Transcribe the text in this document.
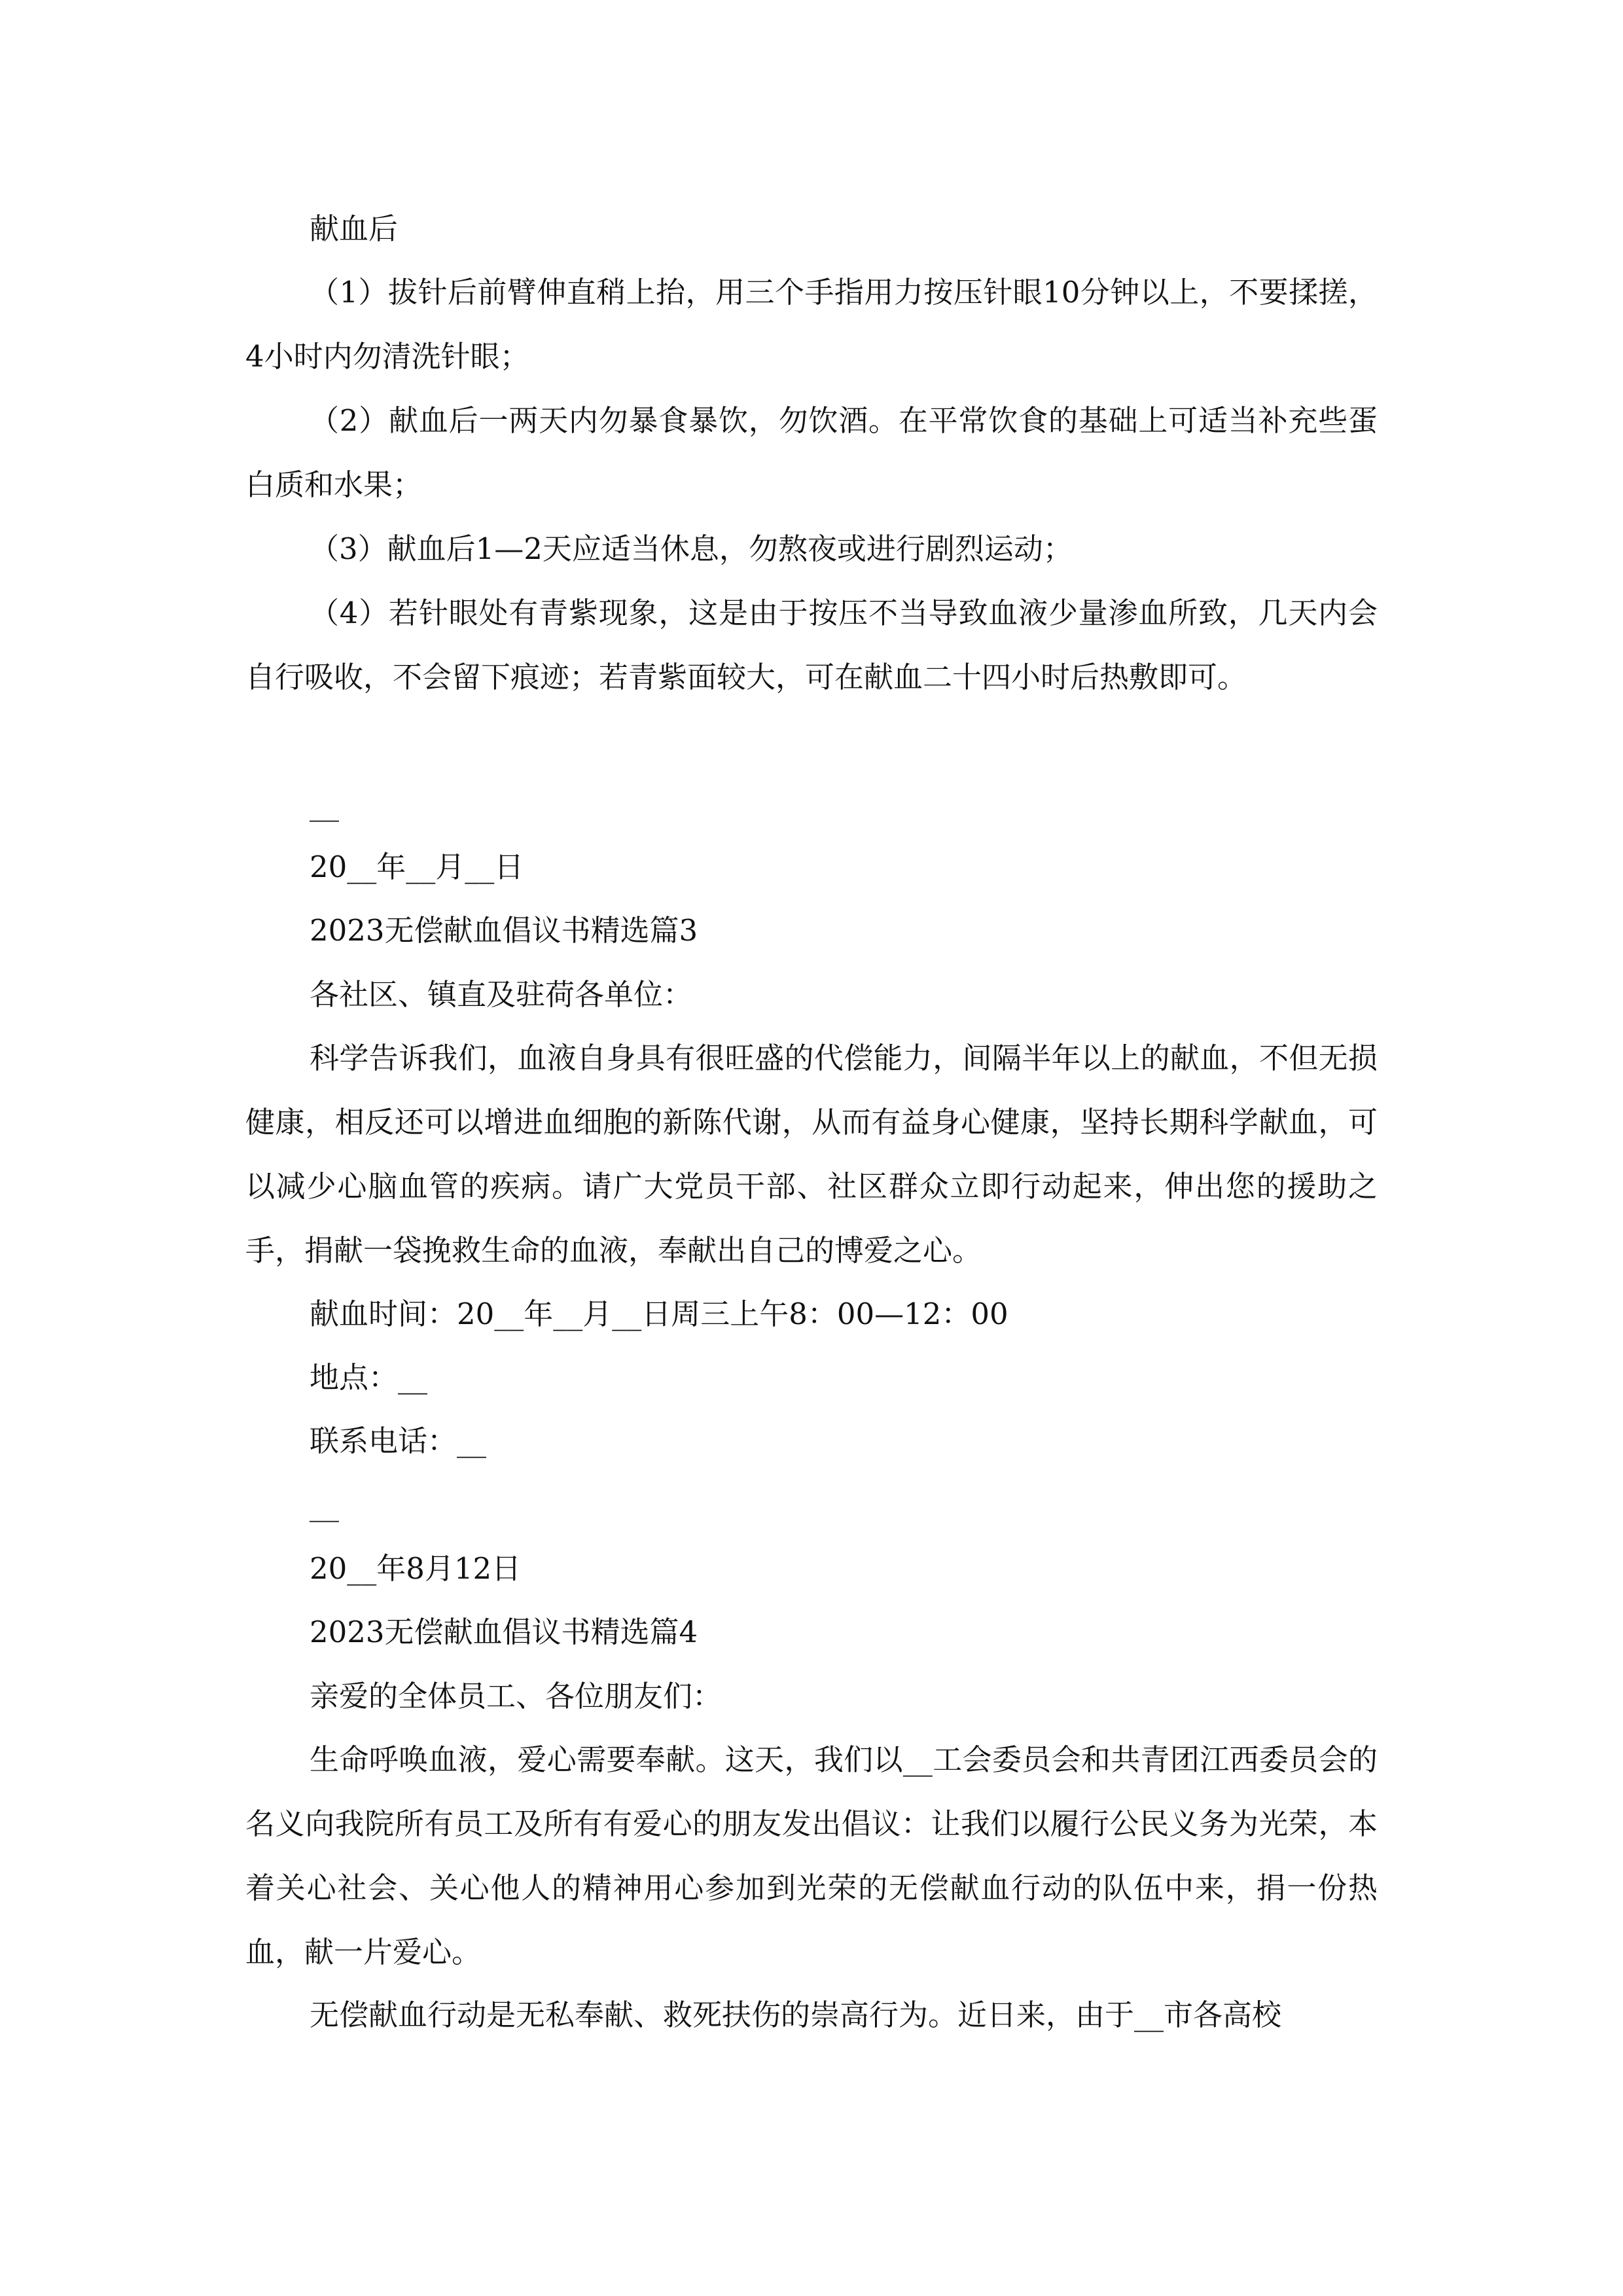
献血后
（1）拔针后前臂伸直稍上抬，用三个手指用力按压针眼10分钟以上，不要揉搓，4小时内勿清洗针眼；
（2）献血后一两天内勿暴食暴饮，勿饮酒。在平常饮食的基础上可适当补充些蛋白质和水果；
（3）献血后1—2天应适当休息，勿熬夜或进行剧烈运动；
（4）若针眼处有青紫现象，这是由于按压不当导致血液少量渗血所致，几天内会自行吸收，不会留下痕迹；若青紫面较大，可在献血二十四小时后热敷即可。
__
20__年__月__日
2023无偿献血倡议书精选篇3
各社区、镇直及驻荷各单位：
科学告诉我们，血液自身具有很旺盛的代偿能力，间隔半年以上的献血，不但无损健康，相反还可以增进血细胞的新陈代谢，从而有益身心健康，坚持长期科学献血，可以减少心脑血管的疾病。请广大党员干部、社区群众立即行动起来，伸出您的援助之手，捐献一袋挽救生命的血液，奉献出自己的博爱之心。
献血时间：20__年__月__日周三上午8：00—12：00
地点：__
联系电话：__
__
20__年8月12日
2023无偿献血倡议书精选篇4
亲爱的全体员工、各位朋友们：
生命呼唤血液，爱心需要奉献。这天，我们以__工会委员会和共青团江西委员会的名义向我院所有员工及所有有爱心的朋友发出倡议：让我们以履行公民义务为光荣，本着关心社会、关心他人的精神用心参加到光荣的无偿献血行动的队伍中来，捐一份热血，献一片爱心。
无偿献血行动是无私奉献、救死扶伤的崇高行为。近日来，由于__市各高校
